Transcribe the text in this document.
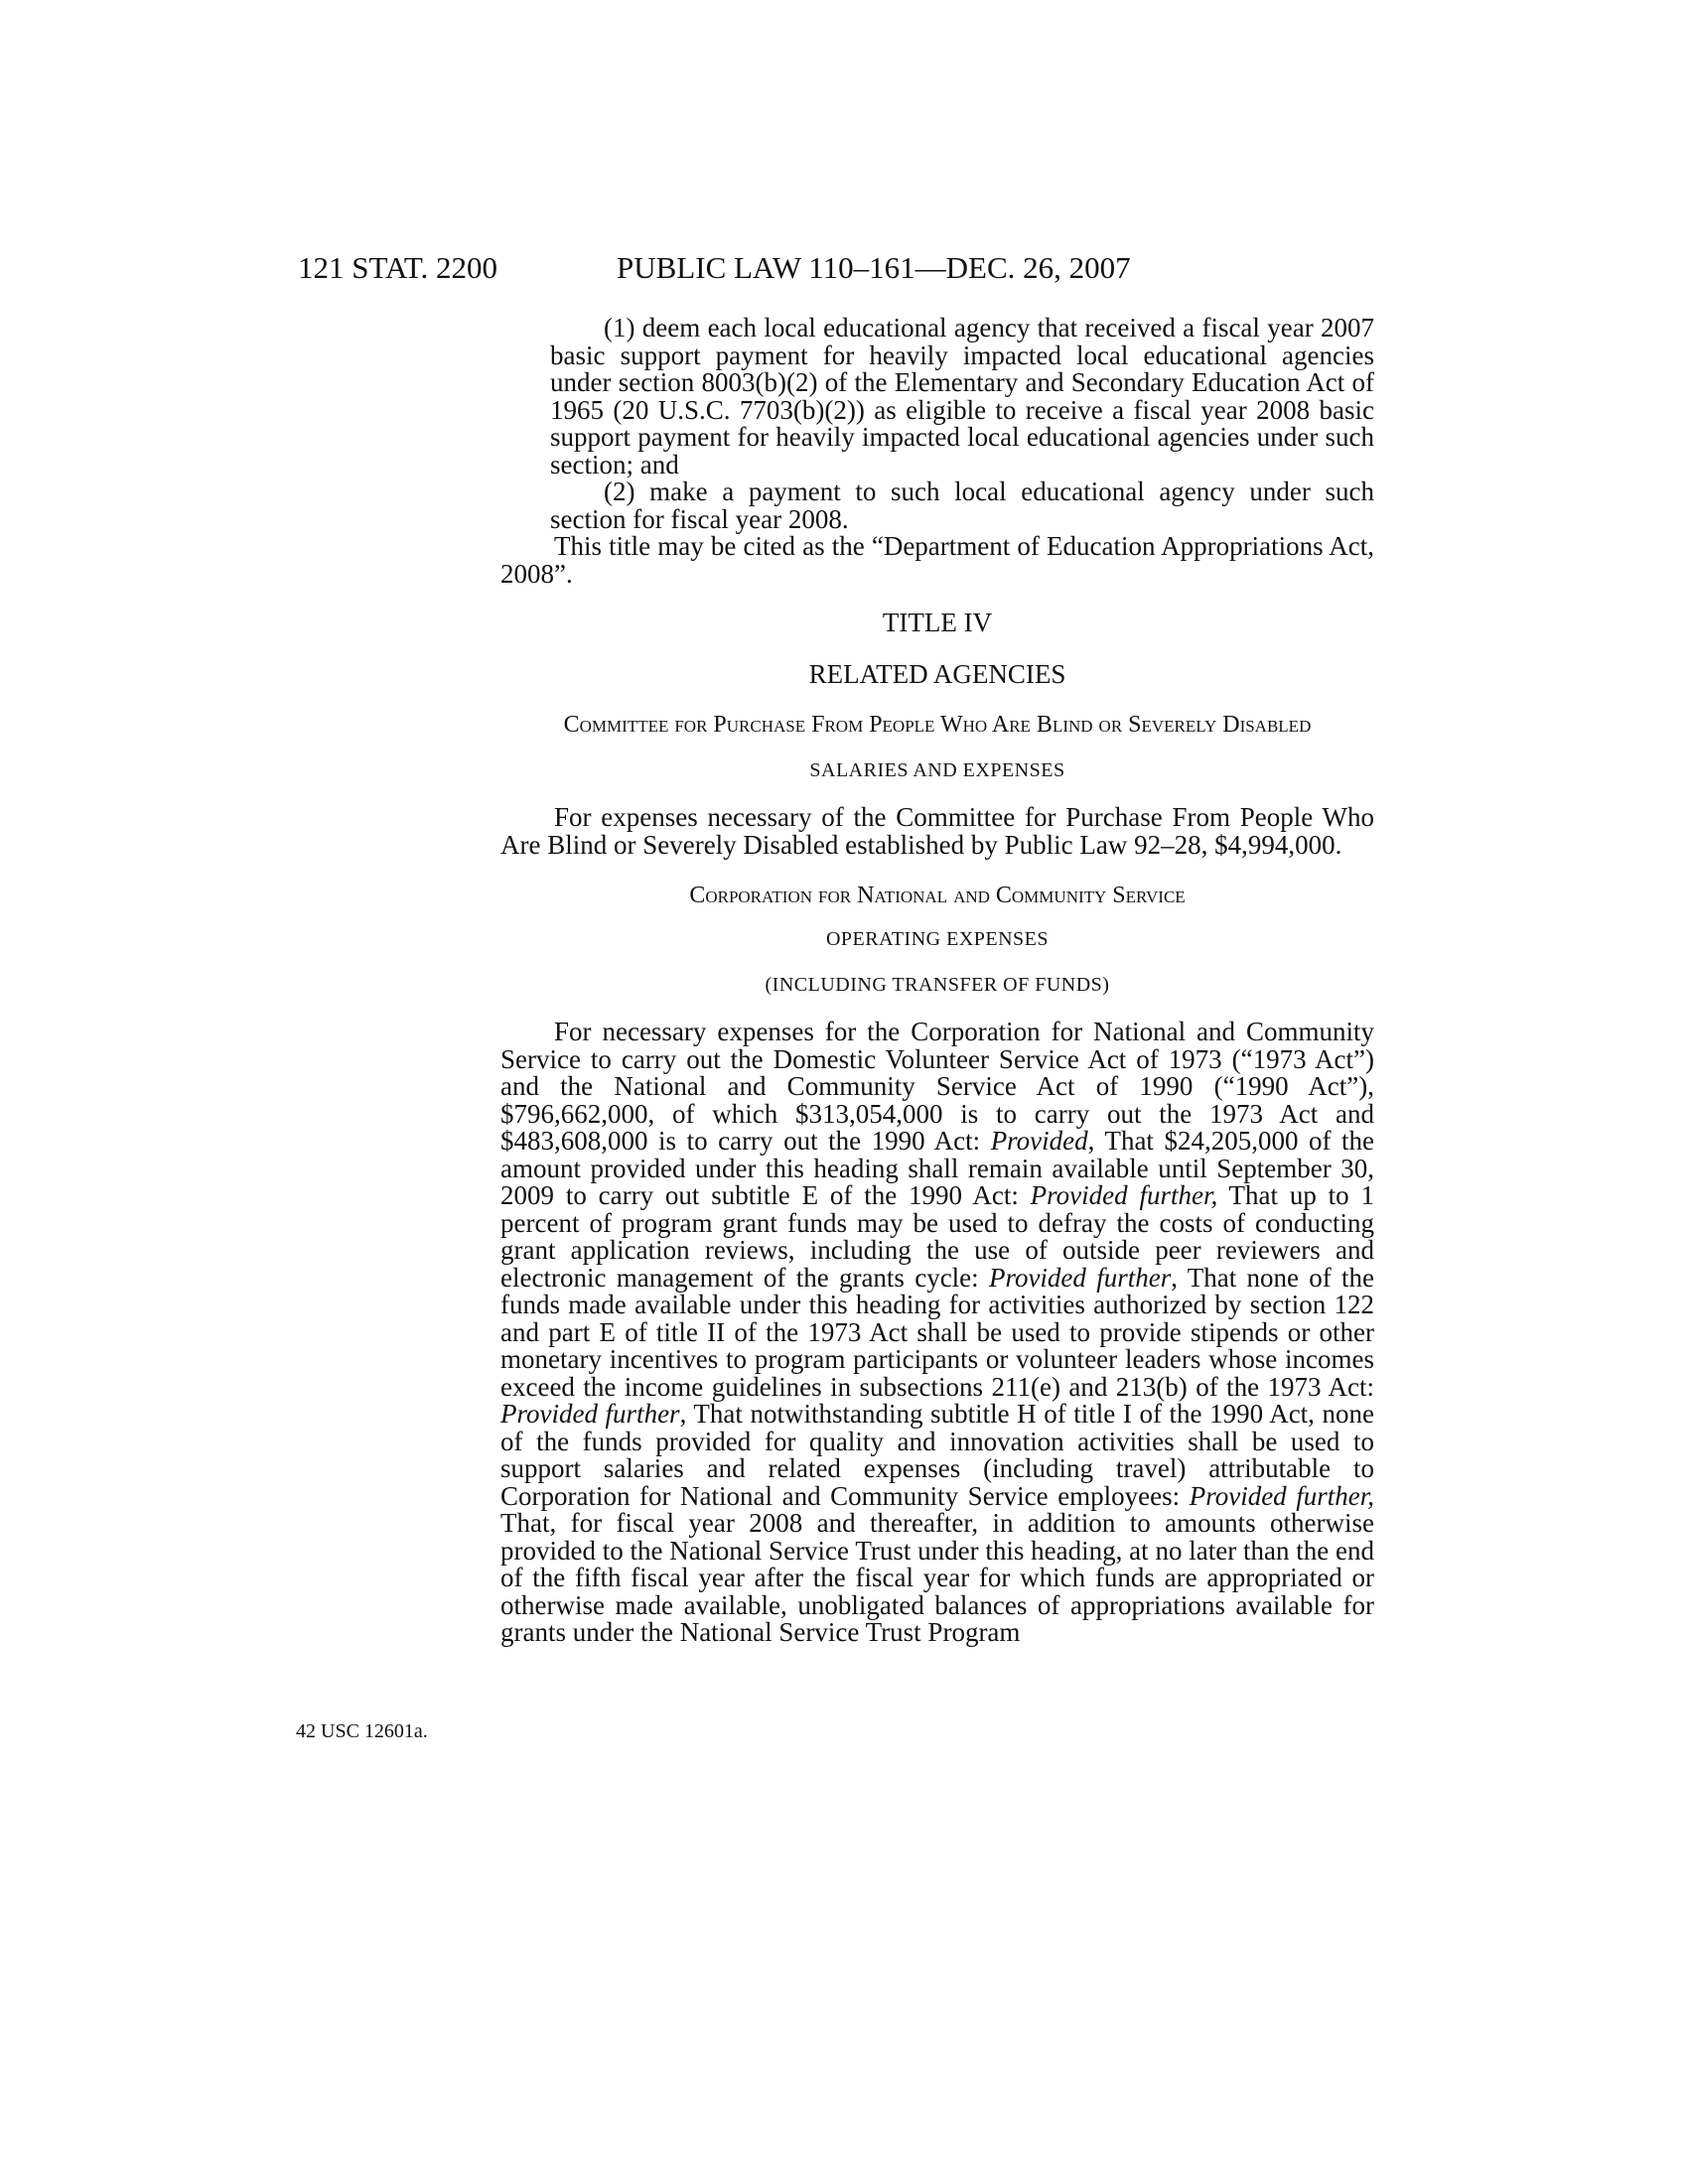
121 STAT. 2200	PUBLIC LAW 110–161—DEC. 26, 2007
42 USC 12601a.

(1) deem each local educational agency that received a fiscal year 2007 basic support payment for heavily impacted local educational agencies under section 8003(b)(2) of the Elementary and Secondary Education Act of 1965 (20 U.S.C. 7703(b)(2)) as eligible to receive a fiscal year 2008 basic support payment for heavily impacted local educational agencies under such section; and

(2) make a payment to such local educational agency under such section for fiscal year 2008.

This title may be cited as the “Department of Education Appropriations Act, 2008”.

TITLE IV

RELATED AGENCIES

Committee for Purchase From People Who Are Blind or Severely Disabled

SALARIES AND EXPENSES

For expenses necessary of the Committee for Purchase From People Who Are Blind or Severely Disabled established by Public Law 92–28, $4,994,000.

Corporation for National and Community Service

OPERATING EXPENSES

(INCLUDING TRANSFER OF FUNDS)

For necessary expenses for the Corporation for National and Community Service to carry out the Domestic Volunteer Service Act of 1973 (“1973 Act”) and the National and Community Service Act of 1990 (“1990 Act”), $796,662,000, of which $313,054,000 is to carry out the 1973 Act and $483,608,000 is to carry out the 1990 Act: Provided, That $24,205,000 of the amount provided under this heading shall remain available until September 30, 2009 to carry out subtitle E of the 1990 Act: Provided further, That up to 1 percent of program grant funds may be used to defray the costs of conducting grant application reviews, including the use of outside peer reviewers and electronic management of the grants cycle: Provided further, That none of the funds made available under this heading for activities authorized by section 122 and part E of title II of the 1973 Act shall be used to provide stipends or other monetary incentives to program participants or volunteer leaders whose incomes exceed the income guidelines in subsections 211(e) and 213(b) of the 1973 Act: Provided further, That notwithstanding subtitle H of title I of the 1990 Act, none of the funds provided for quality and innovation activities shall be used to support salaries and related expenses (including travel) attributable to Corporation for National and Community Service employees: Provided further, That, for fiscal year 2008 and thereafter, in addition to amounts otherwise provided to the National Service Trust under this heading, at no later than the end of the fifth fiscal year after the fiscal year for which funds are appropriated or otherwise made available, unobligated balances of appropriations available for grants under the National Service Trust Program
